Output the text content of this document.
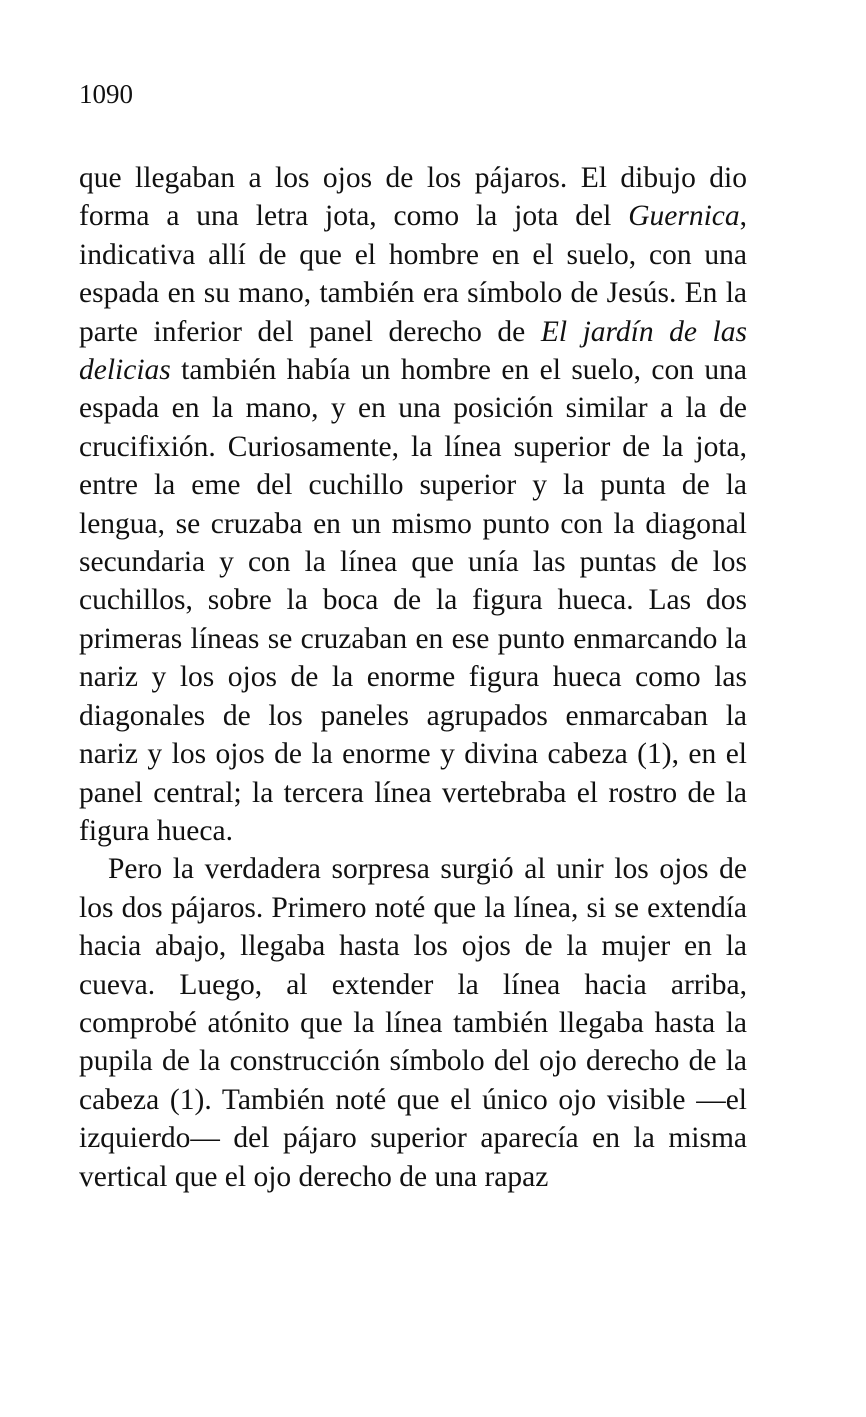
1090

que llegaban a los ojos de los pájaros. El dibujo dio forma a una letra jota, como la jota del Guernica, indicativa allí de que el hombre en el suelo, con una espada en su mano, también era símbolo de Jesús. En la parte inferior del panel derecho de El jardín de las delicias también había un hombre en el suelo, con una espada en la mano, y en una posición similar a la de crucifixión. Curiosamente, la línea superior de la jota, entre la eme del cuchillo superior y la punta de la lengua, se cruzaba en un mismo punto con la diagonal secundaria y con la línea que unía las puntas de los cuchillos, sobre la boca de la figura hueca. Las dos primeras líneas se cruzaban en ese punto enmarcando la nariz y los ojos de la enorme figura hueca como las diagonales de los paneles agrupados enmarcaban la nariz y los ojos de la enorme y divina cabeza (1), en el panel central; la tercera línea vertebraba el rostro de la figura hueca.

Pero la verdadera sorpresa surgió al unir los ojos de los dos pájaros. Primero noté que la línea, si se extendía hacia abajo, llegaba hasta los ojos de la mujer en la cueva. Luego, al extender la línea hacia arriba, comprobé atónito que la línea también llegaba hasta la pupila de la construcción símbolo del ojo derecho de la cabeza (1). También noté que el único ojo visible —el izquierdo— del pájaro superior aparecía en la misma vertical que el ojo derecho de una rapaz
